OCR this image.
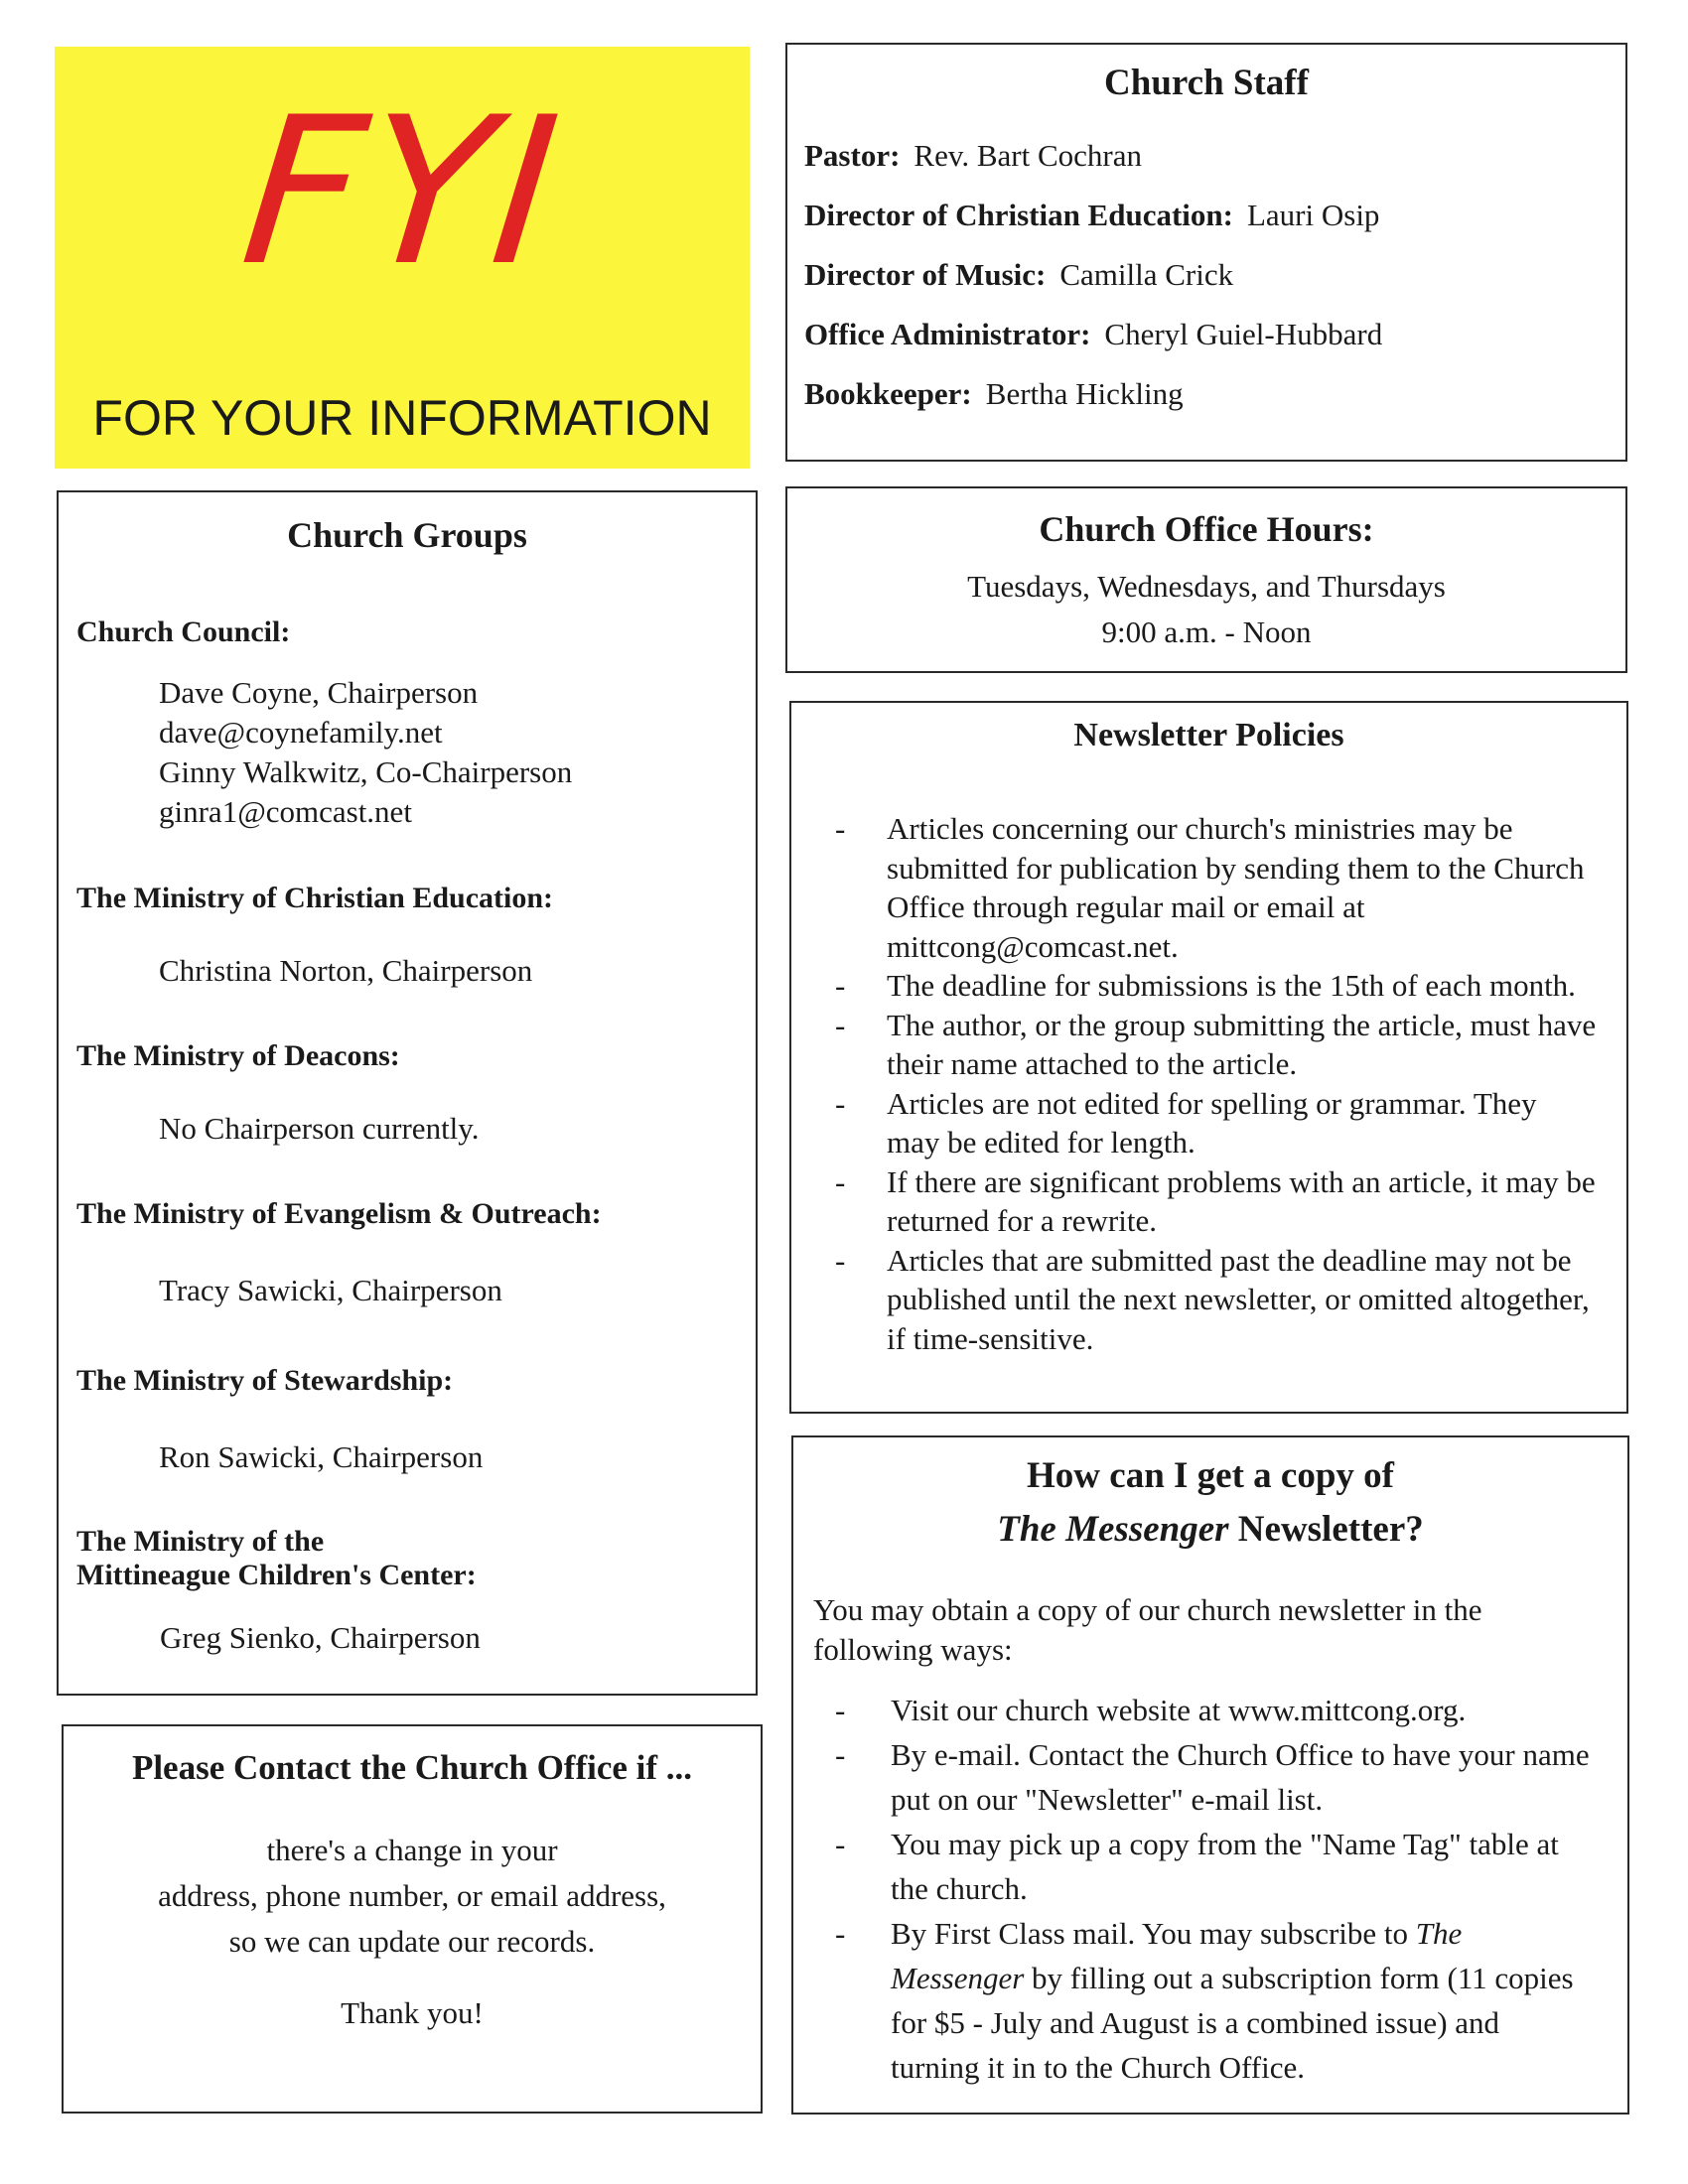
FYI
FOR YOUR INFORMATION
Church Staff
Pastor: Rev. Bart Cochran
Director of Christian Education: Lauri Osip
Director of Music: Camilla Crick
Office Administrator: Cheryl Guiel-Hubbard
Bookkeeper: Bertha Hickling
Church Groups
Church Council:
Dave Coyne, Chairperson
dave@coynefamily.net
Ginny Walkwitz, Co-Chairperson
ginra1@comcast.net
The Ministry of Christian Education:
Christina Norton, Chairperson
The Ministry of Deacons:
No Chairperson currently.
The Ministry of Evangelism & Outreach:
Tracy Sawicki, Chairperson
The Ministry of Stewardship:
Ron Sawicki, Chairperson
The Ministry of the
Mittineague Children's Center:
Greg Sienko, Chairperson
Church Office Hours:
Tuesdays, Wednesdays, and Thursdays
9:00 a.m. - Noon
Newsletter Policies
- Articles concerning our church's ministries may be submitted for publication by sending them to the Church Office through regular mail or email at mittcong@comcast.net.
- The deadline for submissions is the 15th of each month.
- The author, or the group submitting the article, must have their name attached to the article.
- Articles are not edited for spelling or grammar. They may be edited for length.
- If there are significant problems with an article, it may be returned for a rewrite.
- Articles that are submitted past the deadline may not be published until the next newsletter, or omitted altogether, if time-sensitive.
How can I get a copy of
The Messenger Newsletter?
You may obtain a copy of our church newsletter in the following ways:
- Visit our church website at www.mittcong.org.
- By e-mail. Contact the Church Office to have your name put on our "Newsletter" e-mail list.
- You may pick up a copy from the "Name Tag" table at the church.
- By First Class mail. You may subscribe to The Messenger by filling out a subscription form (11 copies for $5 - July and August is a combined issue) and turning it in to the Church Office.
Please Contact the Church Office if ...
there's a change in your
address, phone number, or email address,
so we can update our records.
Thank you!
